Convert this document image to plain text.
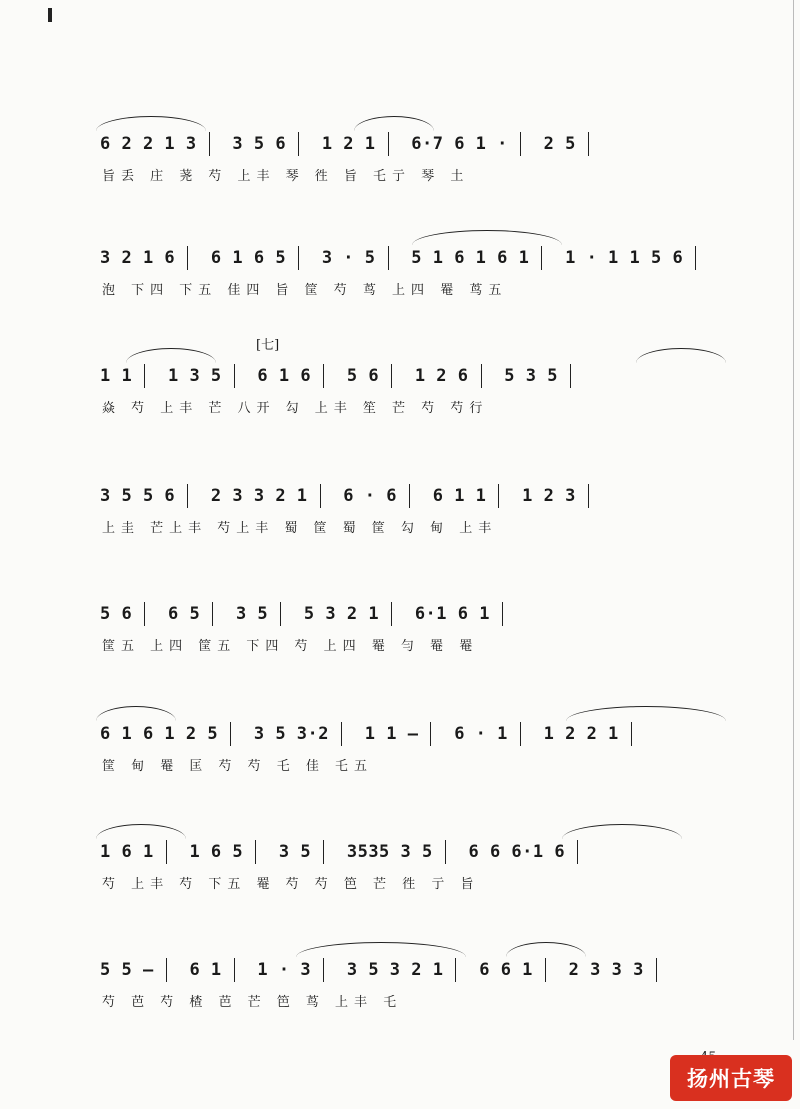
6 2 2 1 3 3 5 6 1 2 1 6·7 6 1 · 2 5
旨丢 庄 荛 芍 上丰 琴 徃 旨 乇亍 琴 土
3 2 1 6 6 1 6 5 3 · 5 5 1 6 1 6 1 1 · 1 1 5 6
泡 下四 下五 佳四 旨 筐 芍 茑 上四 罨 茑五
[七]
1 1 1 3 5 6 1 6 5 6 1 2 6 5 3 5
焱 芍 上丰 芒 八开 勾 上丰 笙 芒 芍 芍行
3 5 5 6 2 3 3 2 1 6 · 6 6 1 1 1 2 3
上圭 芒上丰 芍上丰 蜀 筐 蜀 筐 勾 甸 上丰
5 6 6 5 3 5 5 3 2 1 6·1 6 1
筐五 上四 筐五 下四 芍 上四 罨 勻 罨 罨
6 1 6 1 2 5 3 5 3·2 1 1 — 6 · 1 1 2 2 1
筐 甸 罨 匡 芍 芍 乇 佳 乇五
1 6 1 1 6 5 3 5 3535 3 5 6 6 6·1 6
芍 上丰 芍 下五 罨 芍 芍 笆 芒 徃 亍 旨
5 5 — 6 1 1 · 3 3 5 3 2 1 6 6 1 2 3 3 3
芍 芭 芍 楂 芭 芒 笆 茑 上丰 乇
扬州古琴
